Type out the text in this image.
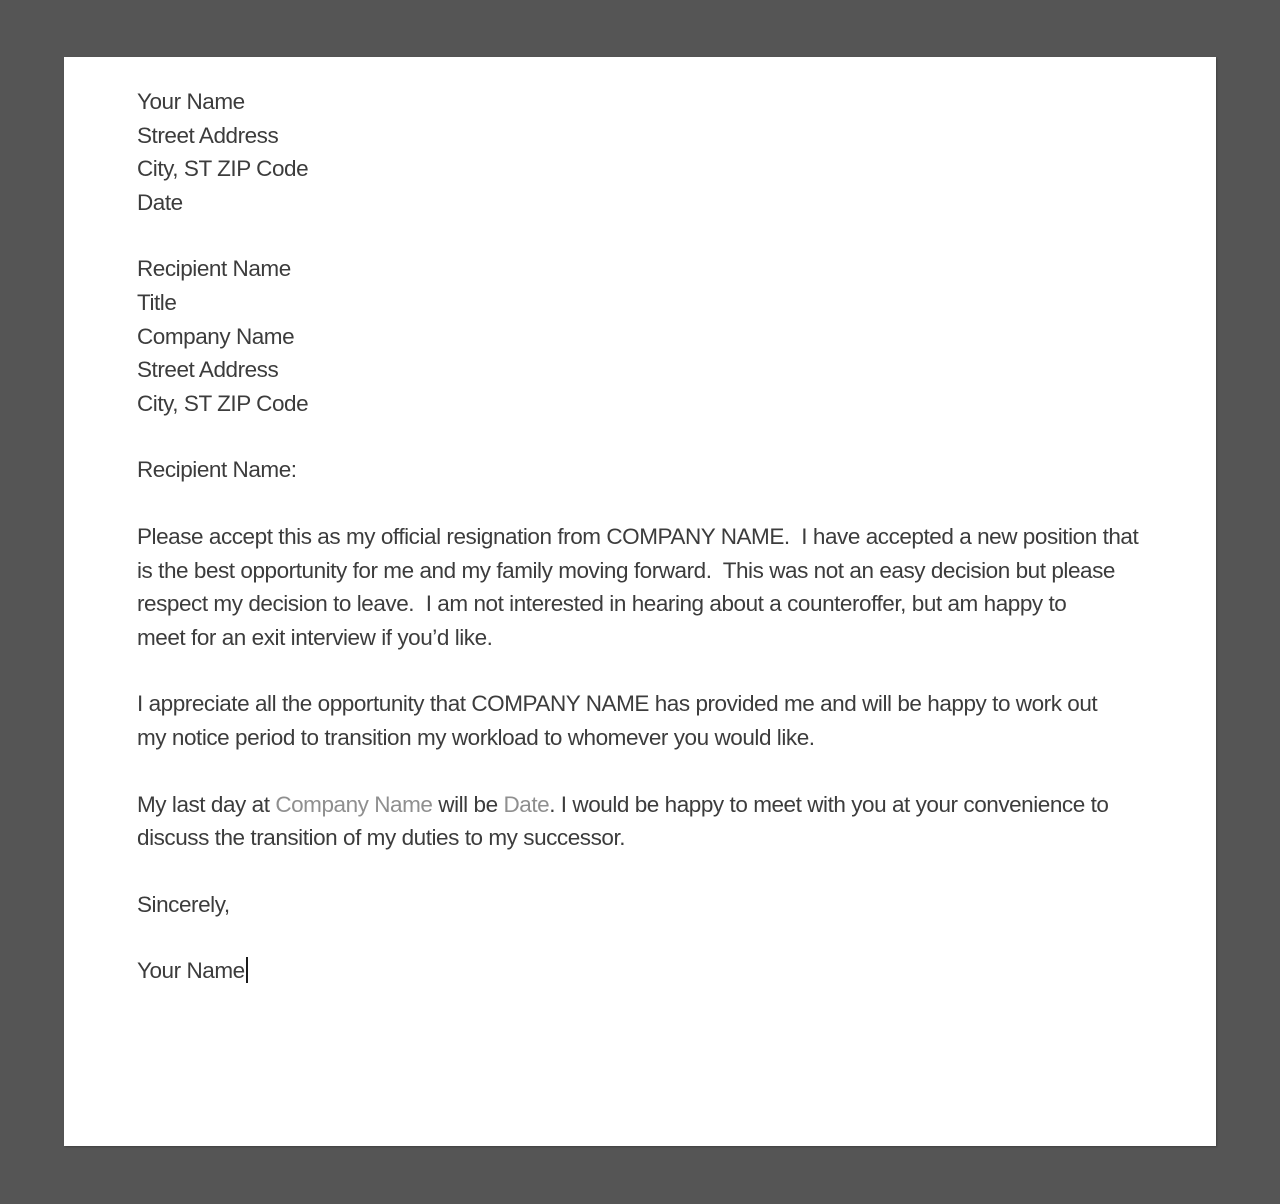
Your Name
Street Address
City, ST ZIP Code
Date
Recipient Name
Title
Company Name
Street Address
City, ST ZIP Code
Recipient Name:
Please accept this as my official resignation from COMPANY NAME.  I have accepted a new position that
is the best opportunity for me and my family moving forward.  This was not an easy decision but please
respect my decision to leave.  I am not interested in hearing about a counteroffer, but am happy to
meet for an exit interview if you’d like.
I appreciate all the opportunity that COMPANY NAME has provided me and will be happy to work out
my notice period to transition my workload to whomever you would like.
My last day at Company Name will be Date. I would be happy to meet with you at your convenience to
discuss the transition of my duties to my successor.
Sincerely,
Your Name
